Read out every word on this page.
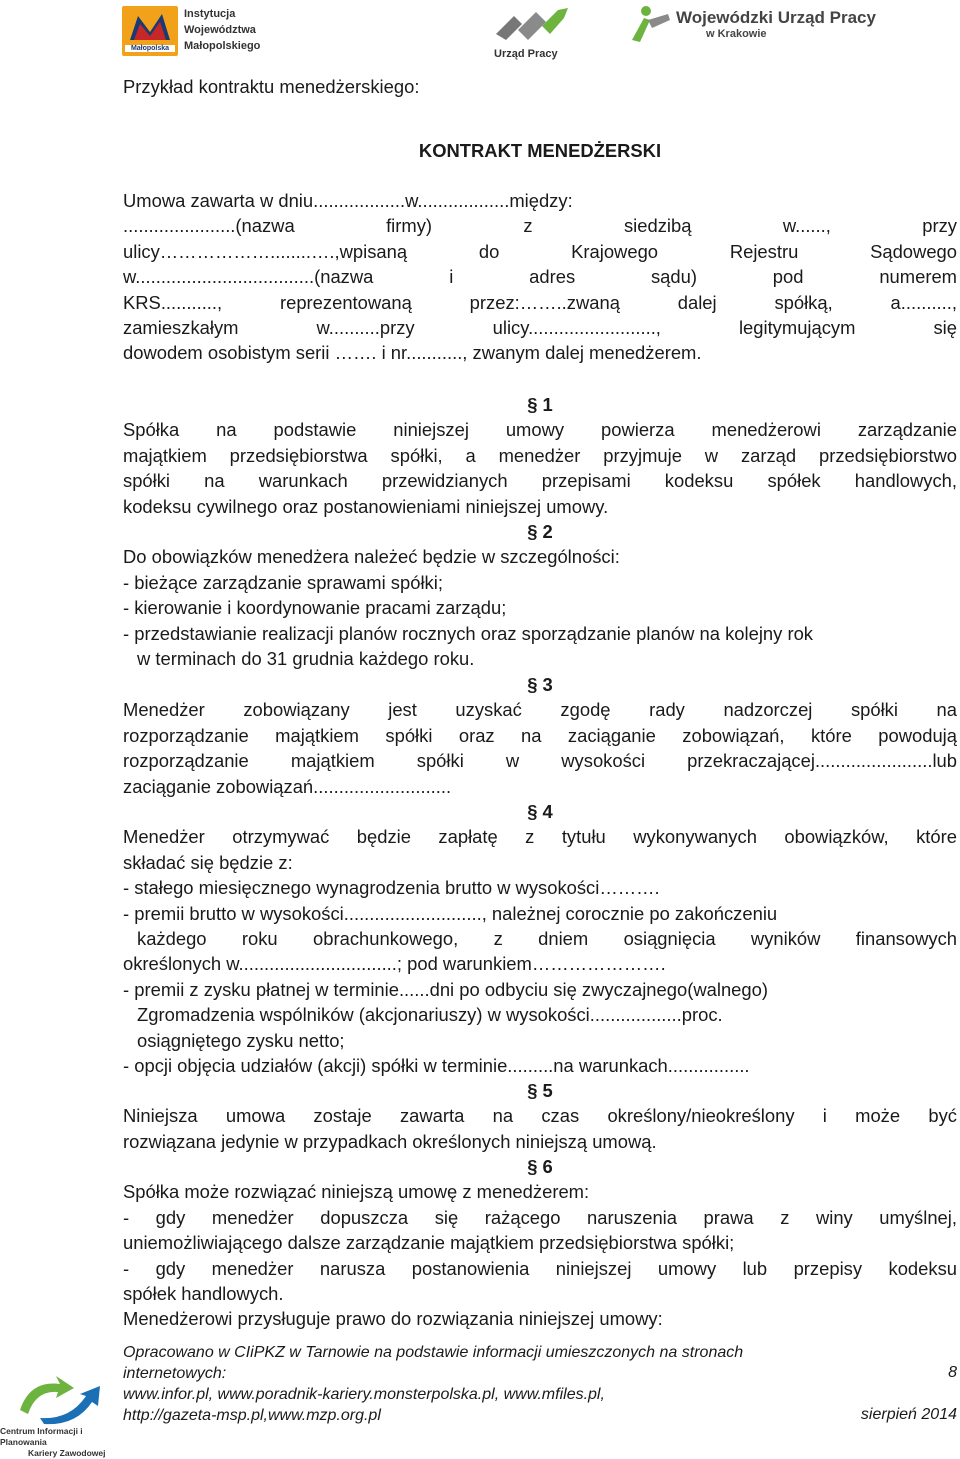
Małopolska
Instytucja
Województwa
Małopolskiego
Urząd Pracy
Wojewódzki Urząd Pracy
w Krakowie
Przykład kontraktu menedżerskiego:
KONTRAKT MENEDŻERSKI
Umowa zawarta w dniu..................w..................między:
......................(nazwa firmy) z siedzibą w......, przy
ulicy………………........….,wpisaną do Krajowego Rejestru Sądowego
w...................................(nazwa i adres sądu) pod numerem
KRS..........., reprezentowaną przez:……..zwaną dalej spółką, a..........,
zamieszkałym w..........przy ulicy........................., legitymującym się
dowodem osobistym serii ……. i nr..........., zwanym dalej menedżerem.
§ 1
Spółka na podstawie niniejszej umowy powierza menedżerowi zarządzanie
majątkiem przedsiębiorstwa spółki, a menedżer przyjmuje w zarząd przedsiębiorstwo
spółki na warunkach przewidzianych przepisami kodeksu spółek handlowych,
kodeksu cywilnego oraz postanowieniami niniejszej umowy.
§ 2
Do obowiązków menedżera należeć będzie w szczególności:
- bieżące zarządzanie sprawami spółki;
- kierowanie i koordynowanie pracami zarządu;
- przedstawianie realizacji planów rocznych oraz sporządzanie planów na kolejny rok
w terminach do 31 grudnia każdego roku.
§ 3
Menedżer zobowiązany jest uzyskać zgodę rady nadzorczej spółki na
rozporządzanie majątkiem spółki oraz na zaciąganie zobowiązań, które powodują
rozporządzanie majątkiem spółki w wysokości przekraczającej.......................lub
zaciąganie zobowiązań...........................
§ 4
Menedżer otrzymywać będzie zapłatę z tytułu wykonywanych obowiązków, które
składać się będzie z:
- stałego miesięcznego wynagrodzenia brutto w wysokości……….
- premii brutto w wysokości..........................., należnej corocznie po zakończeniu
każdego roku obrachunkowego, z dniem osiągnięcia wyników finansowych
określonych w...............................; pod warunkiem………………….
- premii z zysku płatnej w terminie......dni po odbyciu się zwyczajnego(walnego)
Zgromadzenia wspólników (akcjonariuszy) w wysokości..................proc.
osiągniętego zysku netto;
- opcji objęcia udziałów (akcji) spółki w terminie.........na warunkach................
§ 5
Niniejsza umowa zostaje zawarta na czas określony/nieokreślony i może być
rozwiązana jedynie w przypadkach określonych niniejszą umową.
§ 6
Spółka może rozwiązać niniejszą umowę z menedżerem:
- gdy menedżer dopuszcza się rażącego naruszenia prawa z winy umyślnej,
uniemożliwiającego dalsze zarządzanie majątkiem przedsiębiorstwa spółki;
- gdy menedżer narusza postanowienia niniejszej umowy lub przepisy kodeksu
spółek handlowych.
Menedżerowi przysługuje prawo do rozwiązania niniejszej umowy:
Centrum Informacji i Planowania
Kariery Zawodowej
Opracowano w CIiPKZ w Tarnowie na podstawie informacji umieszczonych na stronach
internetowych:
www.infor.pl, www.poradnik-kariery.monsterpolska.pl, www.mfiles.pl,
http://gazeta-msp.pl,www.mzp.org.pl
8
sierpień 2014
